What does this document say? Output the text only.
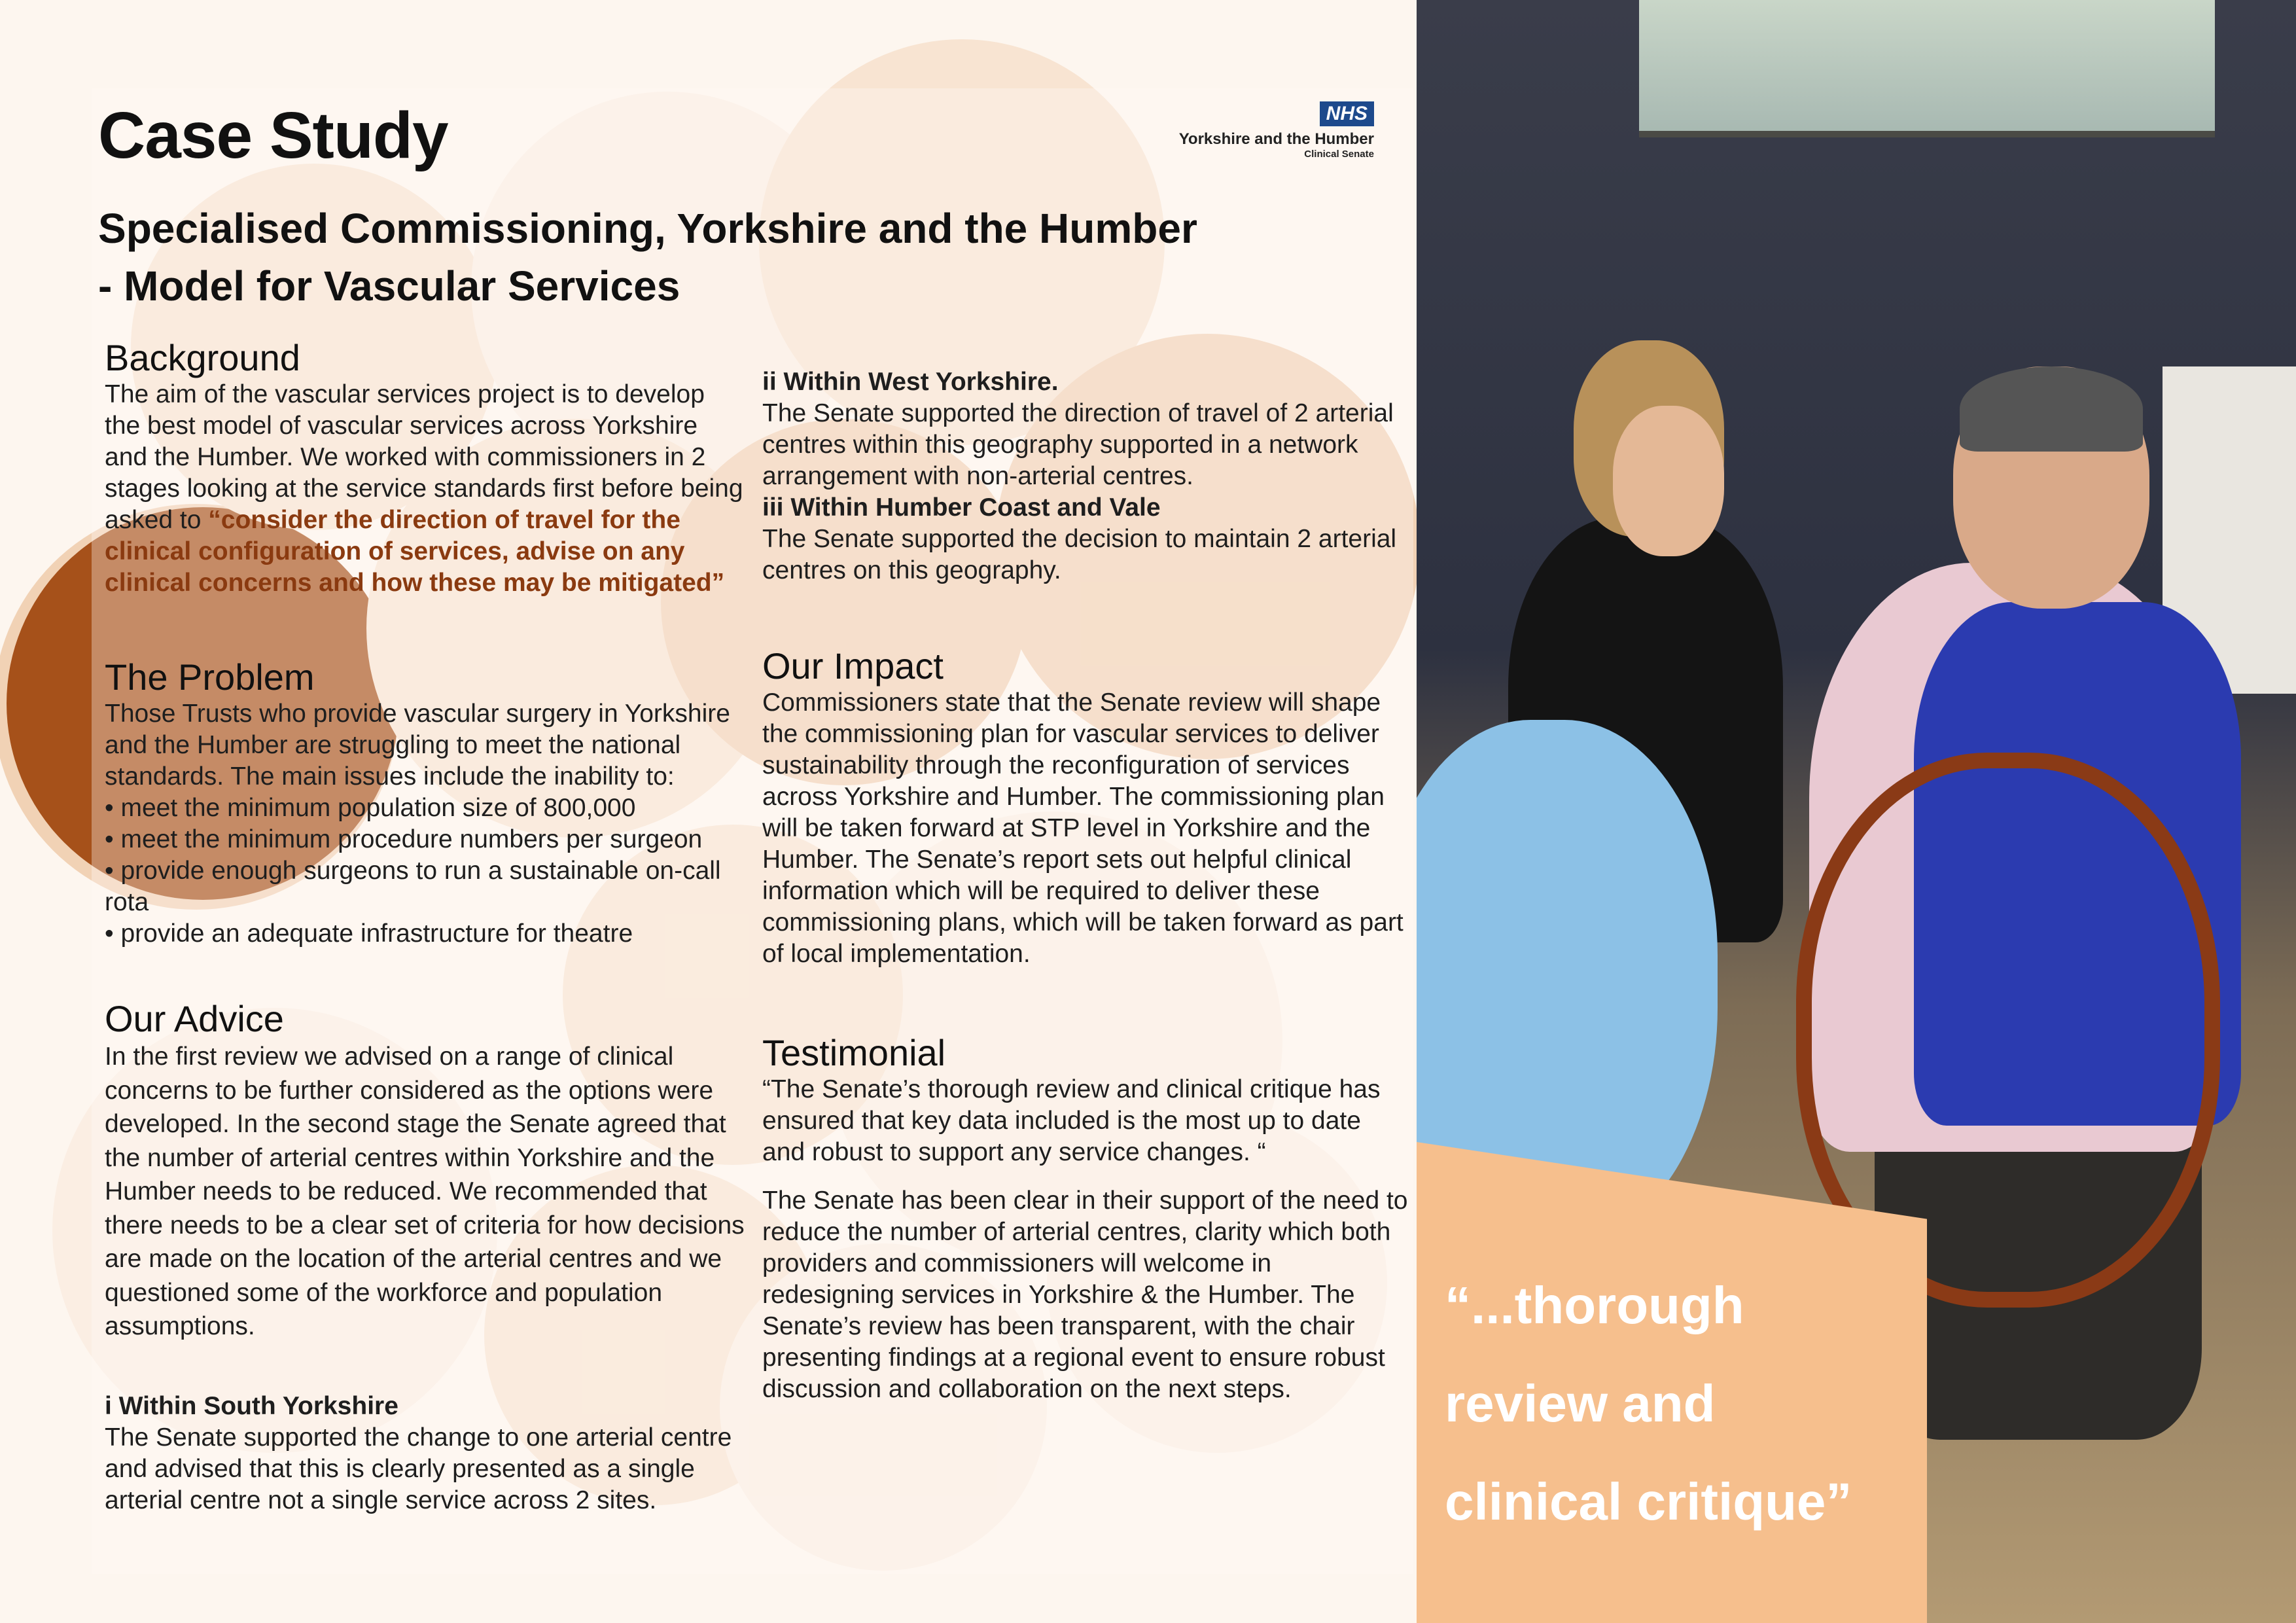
Case Study
Specialised Commissioning, Yorkshire and the Humber
- Model for Vascular Services
NHS
Yorkshire and the Humber
Clinical Senate
Background

The aim of the vascular services project is to develop the best model of vascular services across Yorkshire and the Humber. We worked with commissioners in 2 stages looking at the service standards first before being asked to “consider the direction of travel for the clinical configuration of services, advise on any clinical concerns and how these may be mitigated”

The Problem

Those Trusts who provide vascular surgery in Yorkshire and the Humber are struggling to meet the national standards. The main issues include the inability to:

• meet the minimum population size of 800,000

• meet the minimum procedure numbers per surgeon

• provide enough surgeons to run a sustainable on-call rota

• provide an adequate infrastructure for theatre

Our Advice

In the first review we advised on a range of clinical concerns to be further considered as the options were developed. In the second stage the Senate agreed that the number of arterial centres within Yorkshire and the Humber needs to be reduced. We recommended that there needs to be a clear set of criteria for how decisions are made on the location of the arterial centres and we questioned some of the workforce and population assumptions.

i Within South Yorkshire

The Senate supported the change to one arterial centre and advised that this is clearly presented as a single arterial centre not a single service across 2 sites.

ii Within West Yorkshire.

The Senate supported the direction of travel of 2 arterial centres within this geography supported in a network arrangement with non-arterial centres.

iii Within Humber Coast and Vale

The Senate supported the decision to maintain 2 arterial centres on this geography.

Our Impact

Commissioners state that the Senate review will shape the commissioning plan for vascular services to deliver sustainability through the reconfiguration of services across Yorkshire and Humber. The commissioning plan will be taken forward at STP level in Yorkshire and the Humber. The Senate’s report sets out helpful clinical information which will be required to deliver these commissioning plans, which will be taken forward as part of local implementation.

Testimonial

“The Senate’s thorough review and clinical critique has ensured that key data included is the most up to date and robust to support any service changes. “

The Senate has been clear in their support of the need to reduce the number of arterial centres, clarity which both providers and commissioners will welcome in redesigning services in Yorkshire & the Humber. The Senate’s review has been transparent, with the chair presenting findings at a regional event to ensure robust discussion and collaboration on the next steps.

“...thorough
review and
clinical critique”
